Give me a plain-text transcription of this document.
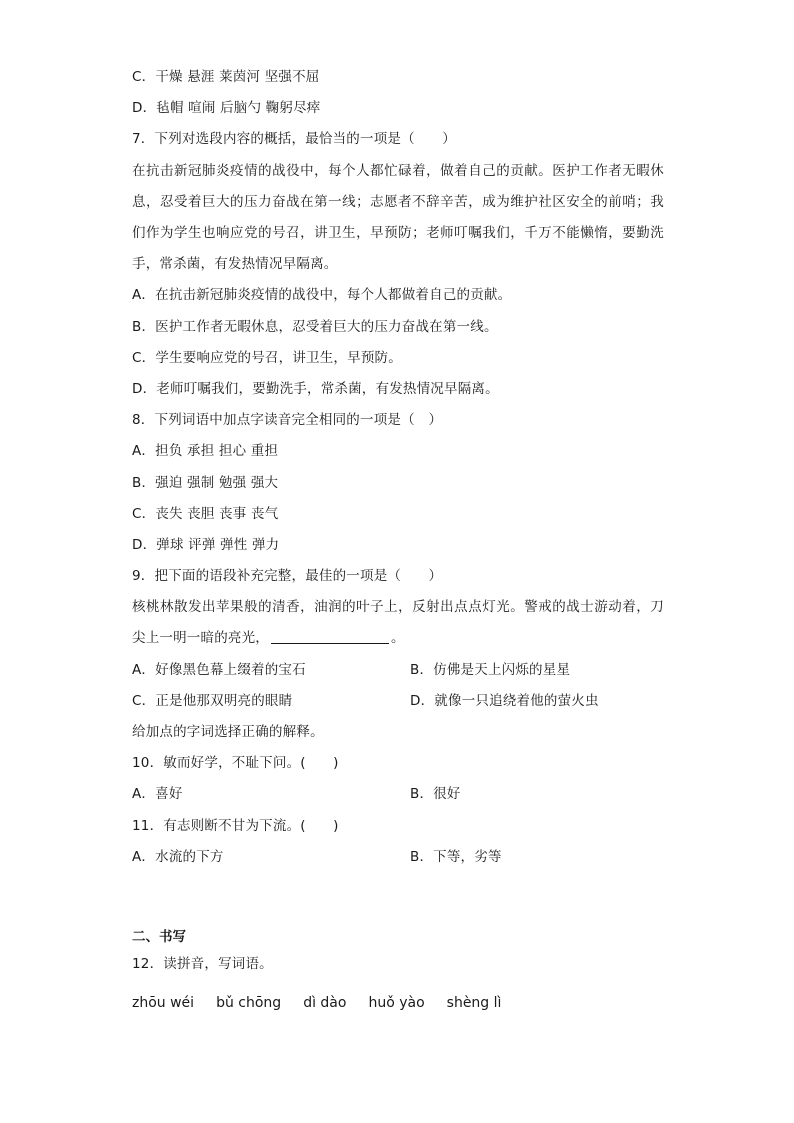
C．干燥 悬涯 莱茵河 坚强不屈
D．毡帽 喧闹 后脑勺 鞠躬尽瘁
7．下列对选段内容的概括，最恰当的一项是（　　）
在抗击新冠肺炎疫情的战役中，每个人都忙碌着，做着自己的贡献。医护工作者无暇休息，忍受着巨大的压力奋战在第一线；志愿者不辞辛苦，成为维护社区安全的前哨；我们作为学生也响应党的号召，讲卫生，早预防；老师叮嘱我们，千万不能懒惰，要勤洗手，常杀菌，有发热情况早隔离。
A．在抗击新冠肺炎疫情的战役中，每个人都做着自己的贡献。
B．医护工作者无暇休息，忍受着巨大的压力奋战在第一线。
C．学生要响应党的号召，讲卫生，早预防。
D．老师叮嘱我们，要勤洗手，常杀菌，有发热情况早隔离。
8．下列词语中加点字读音完全相同的一项是（　）
A．担负 承担 担心 重担
B．强迫 强制 勉强 强大
C．丧失 丧胆 丧事 丧气
D．弹球 评弹 弹性 弹力
9．把下面的语段补充完整，最佳的一项是（　　）
核桃林散发出苹果般的清香，油润的叶子上，反射出点点灯光。警戒的战士游动着，刀尖上一明一暗的亮光，	。
A．好像黑色幕上缀着的宝石	B．仿佛是天上闪烁的星星
C．正是他那双明亮的眼睛	D．就像一只追绕着他的萤火虫
给加点的字词选择正确的解释。
10．敏而好学，不耻下问。(　　)
A．喜好	B．很好
11．有志则断不甘为下流。(　　)
A．水流的下方	B．下等，劣等
二、书写
12．读拼音，写词语。
zhōu wéi bǔ chōng dì dào huǒ yào shèng lì
